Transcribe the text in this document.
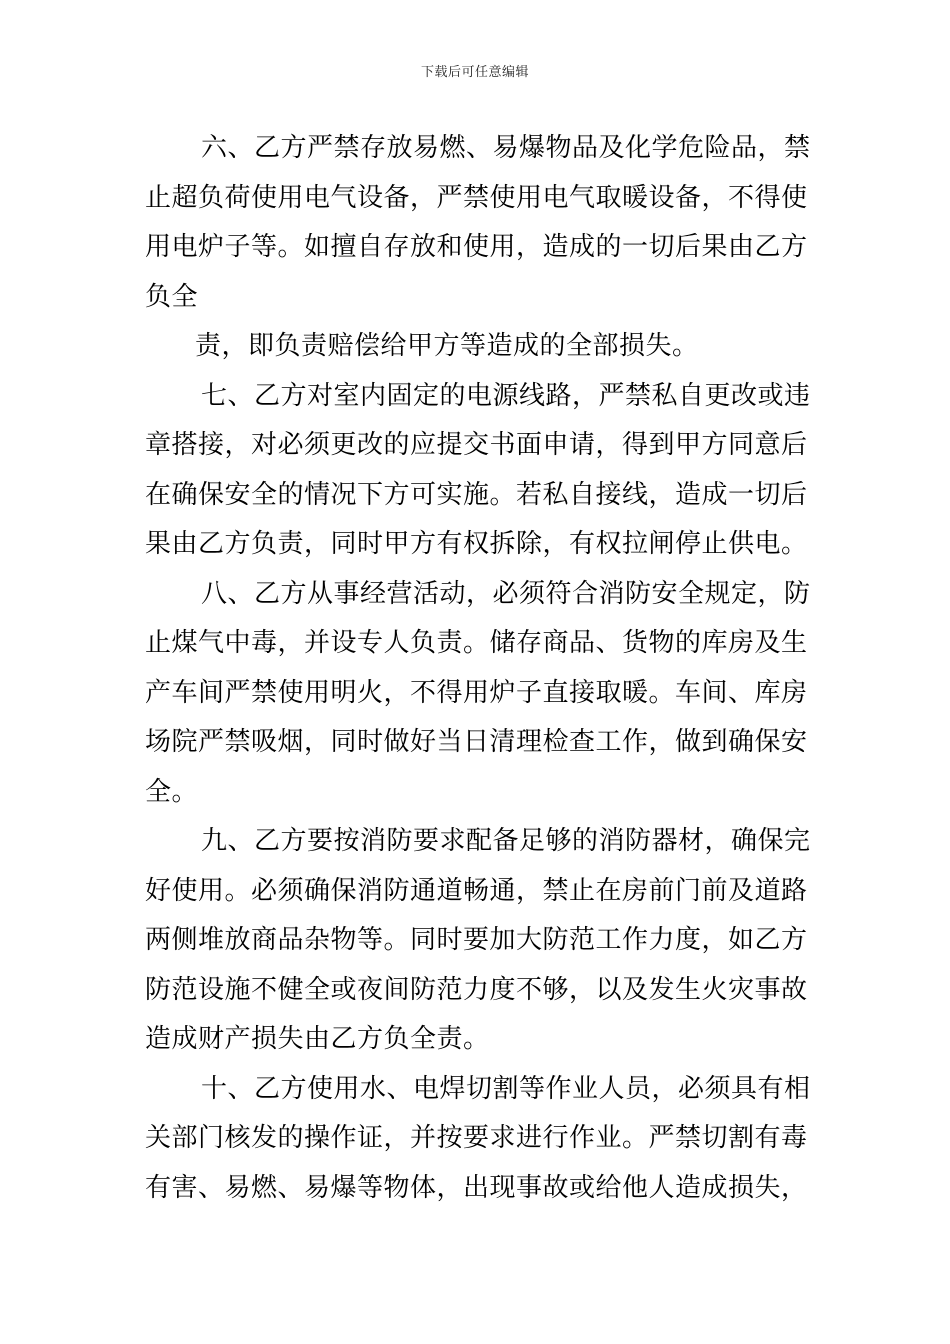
下载后可任意编辑
六、乙方严禁存放易燃、易爆物品及化学危险品，禁
止超负荷使用电气设备，严禁使用电气取暖设备，不得使
用电炉子等。如擅自存放和使用，造成的一切后果由乙方
负全
责，即负责赔偿给甲方等造成的全部损失。
七、乙方对室内固定的电源线路，严禁私自更改或违
章搭接，对必须更改的应提交书面申请，得到甲方同意后
在确保安全的情况下方可实施。若私自接线，造成一切后
果由乙方负责，同时甲方有权拆除，有权拉闸停止供电。
八、乙方从事经营活动，必须符合消防安全规定，防
止煤气中毒，并设专人负责。储存商品、货物的库房及生
产车间严禁使用明火，不得用炉子直接取暖。车间、库房
场院严禁吸烟，同时做好当日清理检查工作，做到确保安
全。
九、乙方要按消防要求配备足够的消防器材，确保完
好使用。必须确保消防通道畅通，禁止在房前门前及道路
两侧堆放商品杂物等。同时要加大防范工作力度，如乙方
防范设施不健全或夜间防范力度不够，以及发生火灾事故
造成财产损失由乙方负全责。
十、乙方使用水、电焊切割等作业人员，必须具有相
关部门核发的操作证，并按要求进行作业。严禁切割有毒
有害、易燃、易爆等物体，出现事故或给他人造成损失，
